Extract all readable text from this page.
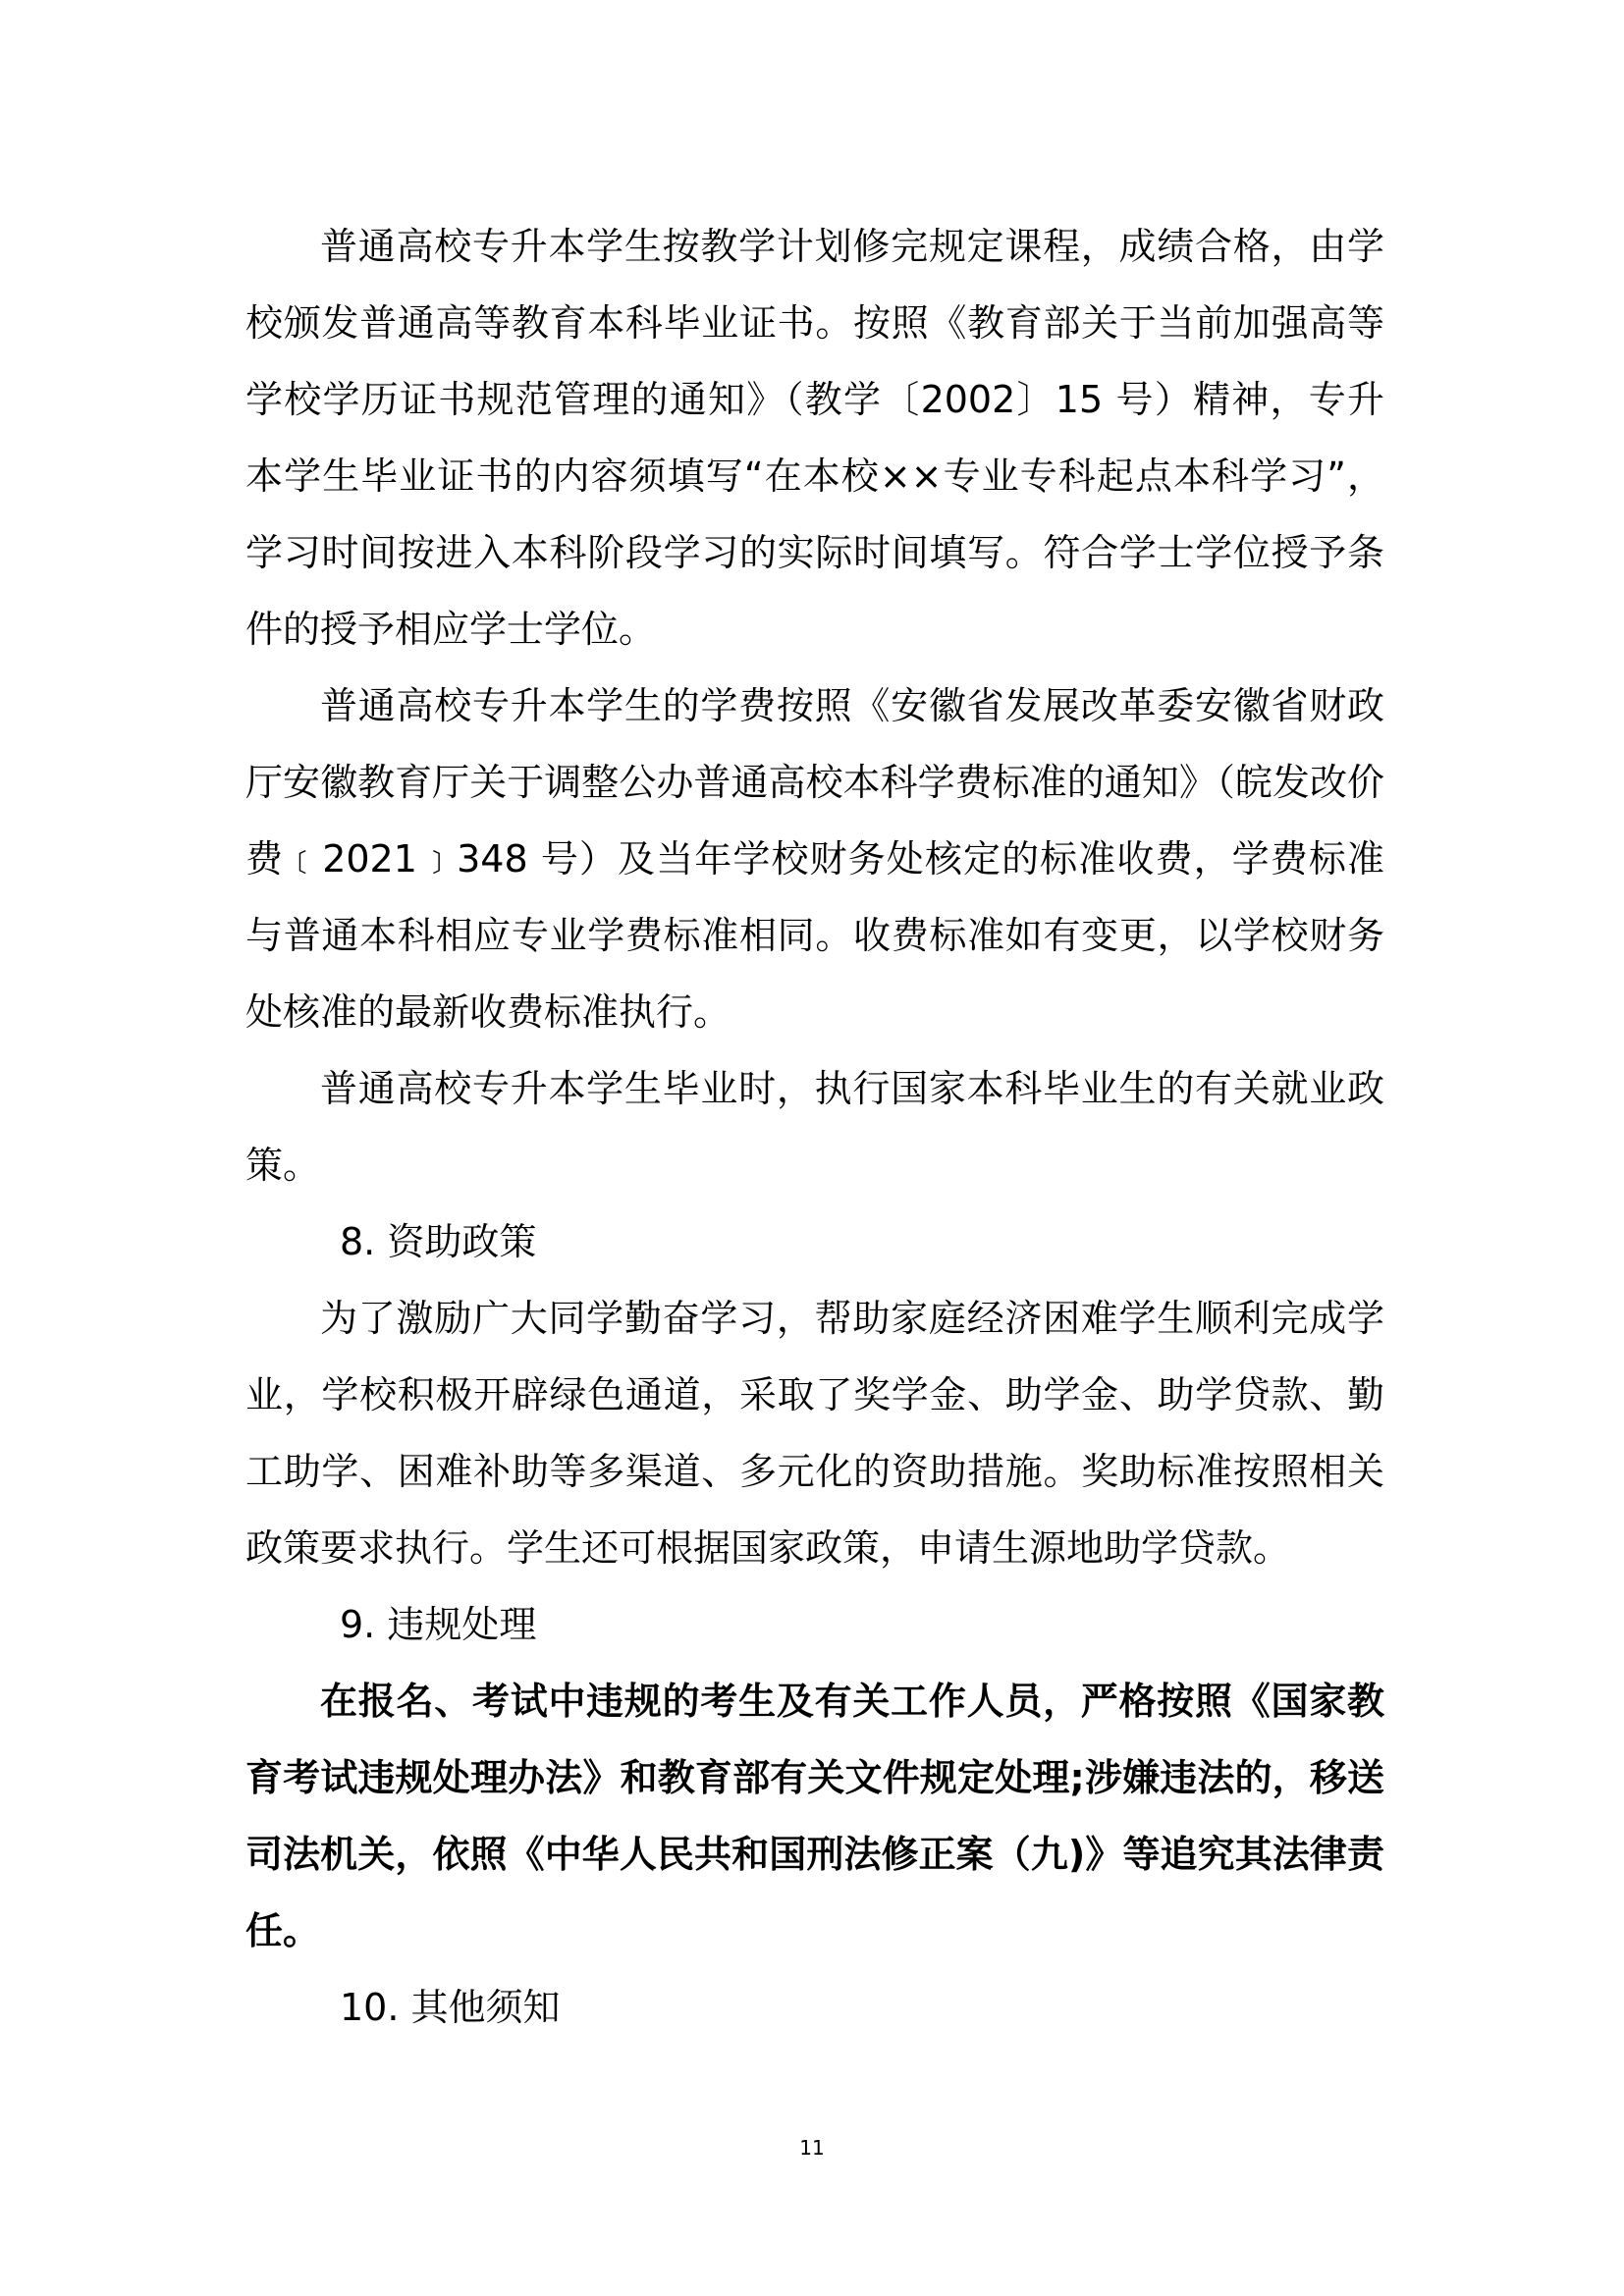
普通高校专升本学生按教学计划修完规定课程，成绩合格，由学校颁发普通高等教育本科毕业证书。按照《教育部关于当前加强高等学校学历证书规范管理的通知》（教学〔2002〕15 号）精神，专升本学生毕业证书的内容须填写“在本校××专业专科起点本科学习”，学习时间按进入本科阶段学习的实际时间填写。符合学士学位授予条件的授予相应学士学位。

普通高校专升本学生的学费按照《安徽省发展改革委安徽省财政厅安徽教育厅关于调整公办普通高校本科学费标准的通知》（皖发改价费﹝2021﹞348 号）及当年学校财务处核定的标准收费，学费标准与普通本科相应专业学费标准相同。收费标准如有变更，以学校财务处核准的最新收费标准执行。

普通高校专升本学生毕业时，执行国家本科毕业生的有关就业政策。

8. 资助政策

为了激励广大同学勤奋学习，帮助家庭经济困难学生顺利完成学业，学校积极开辟绿色通道，采取了奖学金、助学金、助学贷款、勤工助学、困难补助等多渠道、多元化的资助措施。奖助标准按照相关政策要求执行。学生还可根据国家政策，申请生源地助学贷款。

9. 违规处理

在报名、考试中违规的考生及有关工作人员，严格按照《国家教育考试违规处理办法》和教育部有关文件规定处理;涉嫌违法的，移送司法机关，依照《中华人民共和国刑法修正案（九)》等追究其法律责任。

10. 其他须知

11
